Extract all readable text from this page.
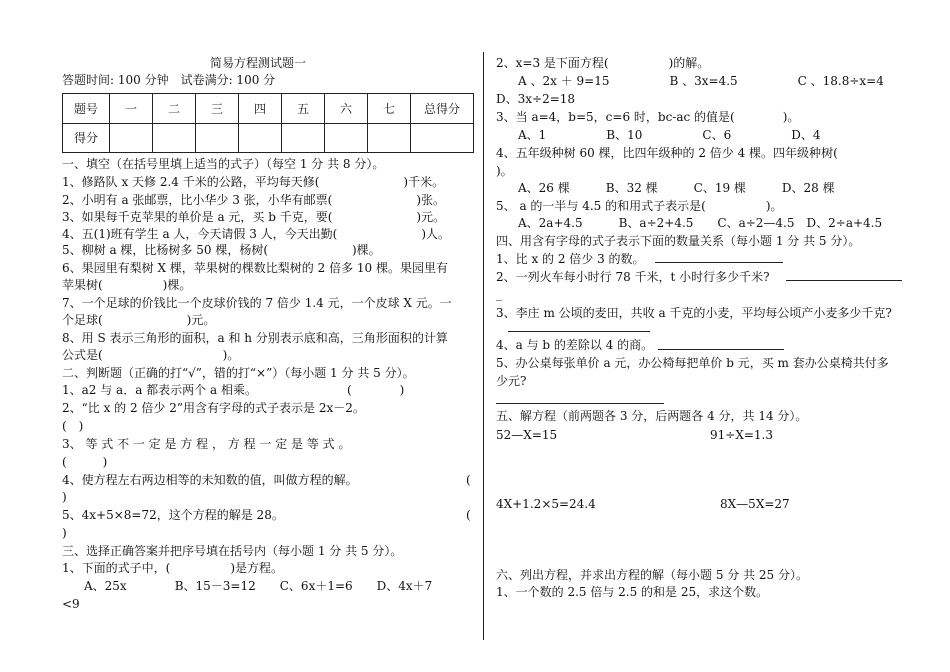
简易方程测试题一
答题时间: 100 分钟　试卷满分: 100 分
题号	一	二	三	四	五	六	七	总得分
得分								
一、填空（在括号里填上适当的式子）（每空 1 分 共 8 分）。
1、修路队 x 天修 2.4 千米的公路，平均每天修(　　　　　　　)千米。
2、小明有 a 张邮票，比小华少 3 张，小华有邮票(　　　　　　　)张。
3、如果每千克苹果的单价是 a 元，买 b 千克，要(　　　　　　　)元。
4、五(1)班有学生 a 人，今天请假 3 人，今天出勤(　　　　　　　)人。
5、柳树 a 棵，比杨树多 50 棵，杨树(　　　　　　　)棵。
6、果园里有梨树 X 棵，苹果树的棵数比梨树的 2 倍多 10 棵。果园里有
苹果树(　　　　　)棵。
7、一个足球的价钱比一个皮球价钱的 7 倍少 1.4 元，一个皮球 X 元。一
个足球(　　　　　　　)元。
8、用 S 表示三角形的面积，a 和 h 分别表示底和高，三角形面积的计算
公式是(　　　　　　　　　　)。
二、判断题（正确的打“√”，错的打“×”）（每小题 1 分 共 5 分）。
1、a2 与 a．a 都表示两个 a 相乘。　　　　　　　　(　　　　)
2、“比 x 的 2 倍少 2”用含有字母的式子表示是 2x－2。
(　)
3、 等 式 不 一 定 是 方 程 ， 方 程 一 定 是 等 式 。
(　　　)
4、使方程左右两边相等的未知数的值，叫做方程的解。	(
)
5、4x+5×8=72，这个方程的解是 28。	(
)
三、选择正确答案并把序号填在括号内（每小题 1 分 共 5 分）。
1、下面的式子中，(　　　　　)是方程。
A、25x　　　　B、15－3=12　　C、6x＋1=6　　D、4x＋7
<9
2、x=3 是下面方程(　　　　　)的解。
A 、2x ＋ 9=15　　　　　B 、3x=4.5　　　　　C 、18.8÷x=4
D、3x÷2=18
3、当 a=4，b=5，c=6 时，bc-ac 的值是(　　　　)。
A、1　　　　　B、10　　　　　C、6　　　　　D、4
4、五年级种树 60 棵，比四年级种的 2 倍少 4 棵。四年级种树(
)。
A、26 棵　　　B、32 棵　　　C、19 棵　　　D、28 棵
5、 a 的一半与 4.5 的和用式子表示是(　　　　　)。
A、2a+4.5　　　B、a÷2+4.5　　C、a÷2—4.5　D、2÷a+4.5
四、用含有字母的式子表示下面的数量关系（每小题 1 分 共 5 分）。
1、比 x 的 2 倍少 3 的数。
2、一列火车每小时行 78 千米，t 小时行多少千米?
_
3、李庄 m 公顷的麦田，共收 a 千克的小麦，平均每公顷产小麦多少千克?
4、a 与 b 的差除以 4 的商。
5、办公桌每张单价 a 元，办公椅每把单价 b 元，买 m 套办公桌椅共付多
少元?
五、解方程（前两题各 3 分，后两题各 4 分，共 14 分）。
52—X=15	91÷X=1.3
4X+1.2×5=24.4	8X—5X=27
六、列出方程，并求出方程的解（每小题 5 分 共 25 分）。
1、一个数的 2.5 倍与 2.5 的和是 25，求这个数。
